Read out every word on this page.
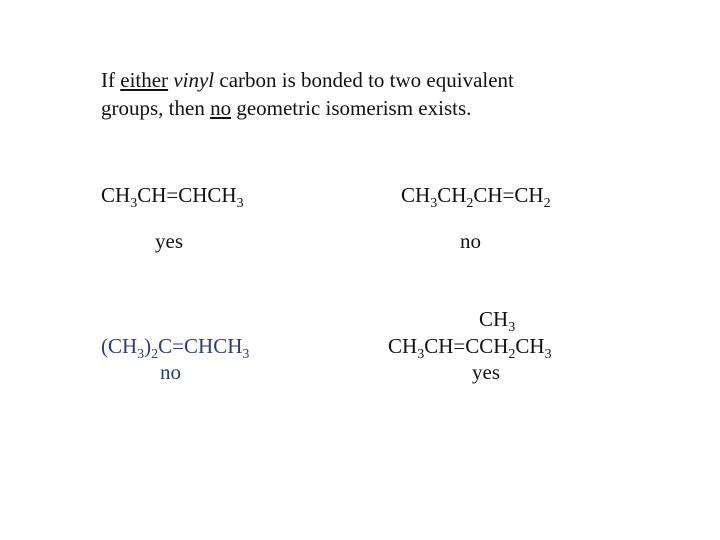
If either vinyl carbon is bonded to two equivalent
groups, then no geometric isomerism exists.
$CH_3CH=CHCH_3$
yes
$CH_3CH_2CH=CH_2$
no
$(CH_3)_2C=CHCH_3$
no
$CH_3$
$CH_3CH=CCH_2CH_3$
yes
